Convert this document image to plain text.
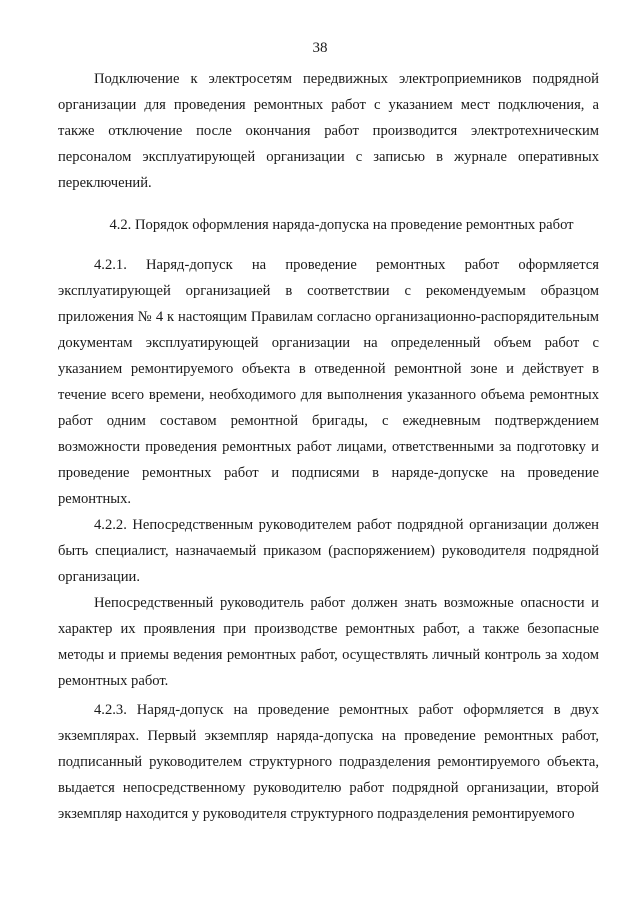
38

Подключение к электросетям передвижных электроприемников подрядной организации для проведения ремонтных работ с указанием мест подключения, а также отключение после окончания работ производится электротехническим персоналом эксплуатирующей организации с записью в журнале оперативных переключений.

4.2. Порядок оформления наряда-допуска на проведение ремонтных работ

4.2.1. Наряд-допуск на проведение ремонтных работ оформляется эксплуатирующей организацией в соответствии с рекомендуемым образцом приложения № 4 к настоящим Правилам согласно организационно-распорядительным документам эксплуатирующей организации на определенный объем работ с указанием ремонтируемого объекта в отведенной ремонтной зоне и действует в течение всего времени, необходимого для выполнения указанного объема ремонтных работ одним составом ремонтной бригады, с ежедневным подтверждением возможности проведения ремонтных работ лицами, ответственными за подготовку и проведение ремонтных работ и подписями в наряде-допуске на проведение ремонтных.

4.2.2. Непосредственным руководителем работ подрядной организации должен быть специалист, назначаемый приказом (распоряжением) руководителя подрядной организации.

Непосредственный руководитель работ должен знать возможные опасности и характер их проявления при производстве ремонтных работ, а также безопасные методы и приемы ведения ремонтных работ, осуществлять личный контроль за ходом ремонтных работ.

4.2.3. Наряд-допуск на проведение ремонтных работ оформляется в двух экземплярах. Первый экземпляр наряда-допуска на проведение ремонтных работ, подписанный руководителем структурного подразделения ремонтируемого объекта, выдается непосредственному руководителю работ подрядной организации, второй экземпляр находится у руководителя структурного подразделения ремонтируемого
